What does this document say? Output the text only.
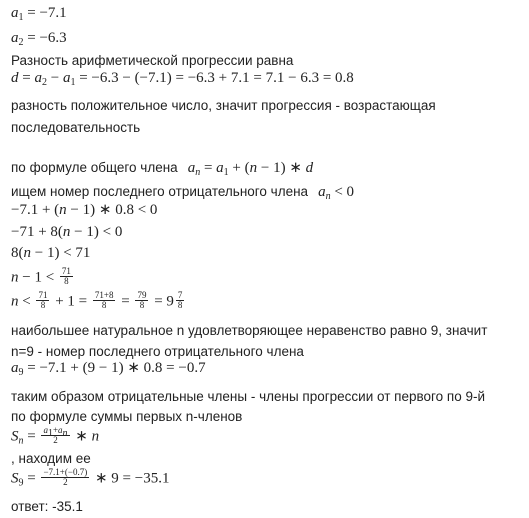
$a_1 = -7.1$
$a_2 = -6.3$
Разность арифметической прогрессии равна
$d = a_2 - a_1 = -6.3 - (-7.1) = -6.3 + 7.1 = 7.1 - 6.3 = 0.8$
разность положительное число, значит прогрессия - возрастающая
последовательность
по формуле общего члена $a_n = a_1 + (n - 1)$ ∗ d
ищем номер последнего отрицательного члена $a_n < 0$
−7.1 + (n − 1) ∗ 0.8 < 0
−71 + 8(n − 1) < 0
8(n − 1) < 71
$n - 1 < \frac{71}{8}$
$n < \frac{71}{8} + 1 = \frac{71+8}{8} = \frac{79}{8} = 9 \frac{7}{8}$
наибольшее натуральное n удовлетворяющее неравенство равно 9, значит
n=9 - номер последнего отрицательного члена
$a_9 = -7.1 + (9 - 1)$ ∗ 0.8 = −0.7
таким образом отрицательные члены - члены прогрессии от первого по 9-й
по формуле суммы первых n-членов
$S_n = \frac{a_1+a_n}{2}$ ∗ n
, находим ее
$S_9 = \frac{-7.1+(-0.7)}{2}$ ∗ 9 = −35.1
ответ: -35.1
